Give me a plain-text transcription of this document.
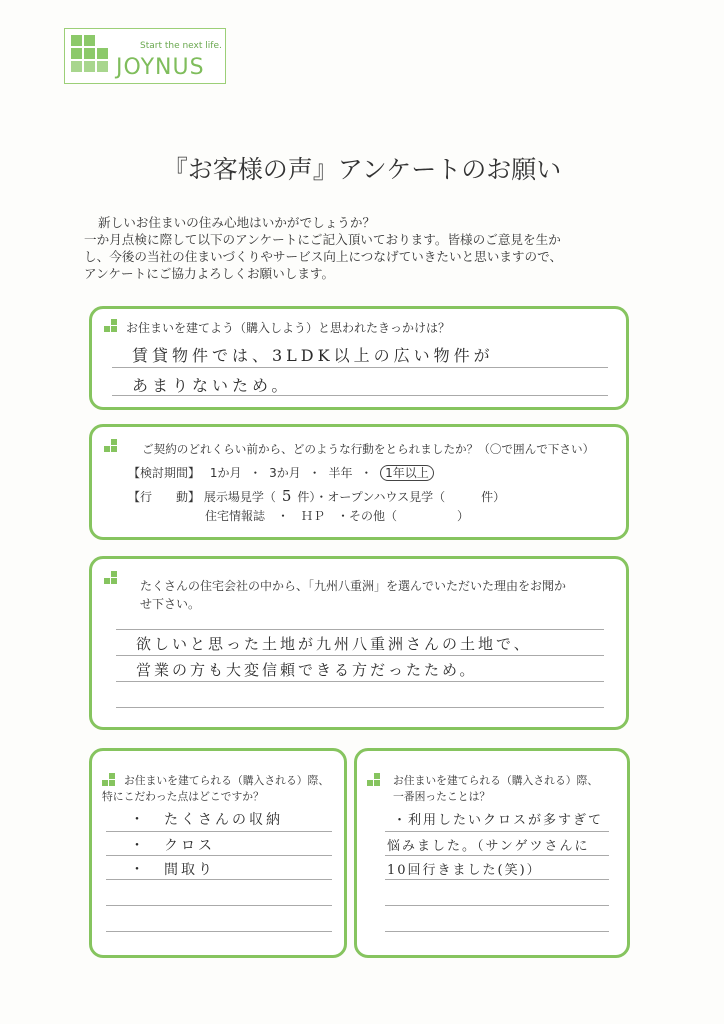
Start the next life.
JOYNUS
『お客様の声』アンケートのお願い
新しいお住まいの住み心地はいかがでしょうか？
一か月点検に際して以下のアンケートにご記入頂いております。皆様のご意見を生か
し、今後の当社の住まいづくりやサービス向上につなげていきたいと思いますので、
アンケートにご協力よろしくお願いします。
お住まいを建てよう（購入しよう）と思われたきっかけは？
賃貸物件では、3LDK以上の広い物件が
あまりないため。
ご契約のどれくらい前から、どのような行動をとられましたか？（〇で囲んで下さい）
【検討期間】 1か月 ・ 3か月 ・ 半年 ・ 1年以上
【行　　動】 展示場見学（ 5 件）・オープンハウス見学（　　　件）
住宅情報誌　・　ＨＰ　・その他（　　　　　）
たくさんの住宅会社の中から、「九州八重洲」を選んでいただいた理由をお聞か
せ下さい。
欲しいと思った土地が九州八重洲さんの土地で、
営業の方も大変信頼できる方だったため。
お住まいを建てられる（購入される）際、
特にこだわった点はどこですか？
・　たくさんの収納
・　クロス
・　間取り
お住まいを建てられる（購入される）際、
一番困ったことは？
・利用したいクロスが多すぎて
悩みました。（サンゲツさんに
10回行きました(笑)）
